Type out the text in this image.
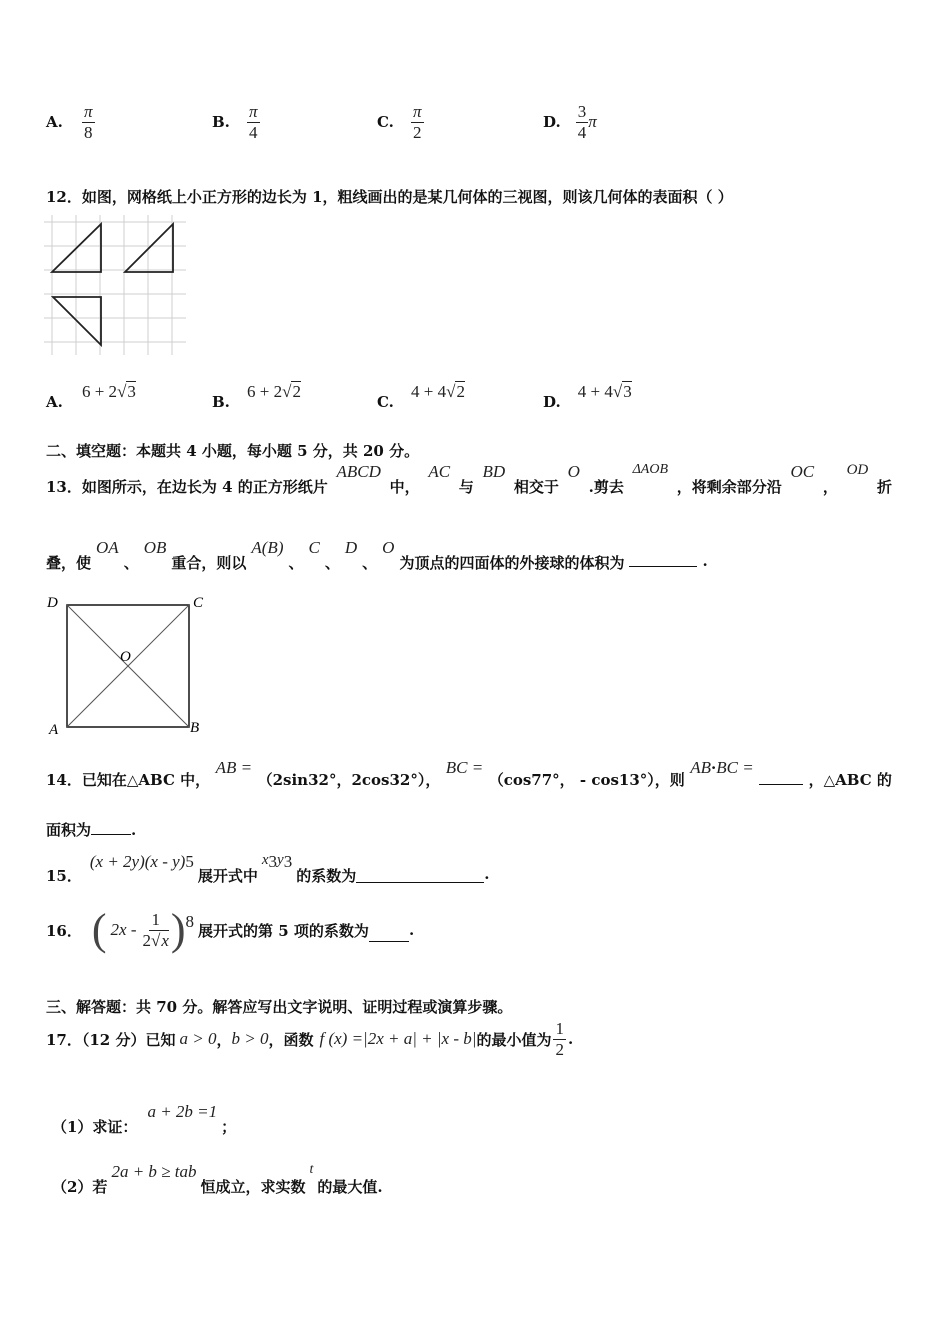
A. $\frac{\pi}{8}$	B. $\frac{\pi}{4}$	C. $\frac{\pi}{2}$	D. $\frac{3}{4}$ π
12．如图，网格纸上小正方形的边长为 1，粗线画出的是某几何体的三视图，则该几何体的表面积（ ）
A. 6 + 2√3
B. 6 + 2√2
C. 4 + 4√2
D. 4 + 4√3
二、填空题：本题共 4 小题，每小题 5 分，共 20 分。
13．如图所示，在边长为 4 的正方形纸片
ABCD
中，
AC
与
BD
相交于
O
.剪去
ΔAOB
，将剩余部分沿
OC
，
OD
折
叠，使
OA
、
OB
重合，则以
A(B)
、
C
、
D
、
O
为顶点的四面体的外接球的体积为	.
D	C
O
A	B
14．已知在△ABC 中，
AB =
（2sin32°，2cos32°），
BC =
（cos77°， - cos13°），则
AB·BC =
，△ABC 的
面积为	.
15．
(x + 2y)(x - y) 5
展开式中
x 3 y 3
的系数为	.
16． ( $2x - \frac{1}{2√x}$ ) 8 展开式的第 5 项的系数为	.
三、解答题：共 70 分。解答应写出文字说明、证明过程或演算步骤。
17．（12 分）已知 a > 0 ， b > 0 ，函数 f (x) =|2x + a| + |x - b| 的最小值为 $\frac{1}{2}$ .
（1）求证：
a + 2b =1
；
（2）若
2a + b ≥ tab
恒成立，求实数
t
的最大值.
